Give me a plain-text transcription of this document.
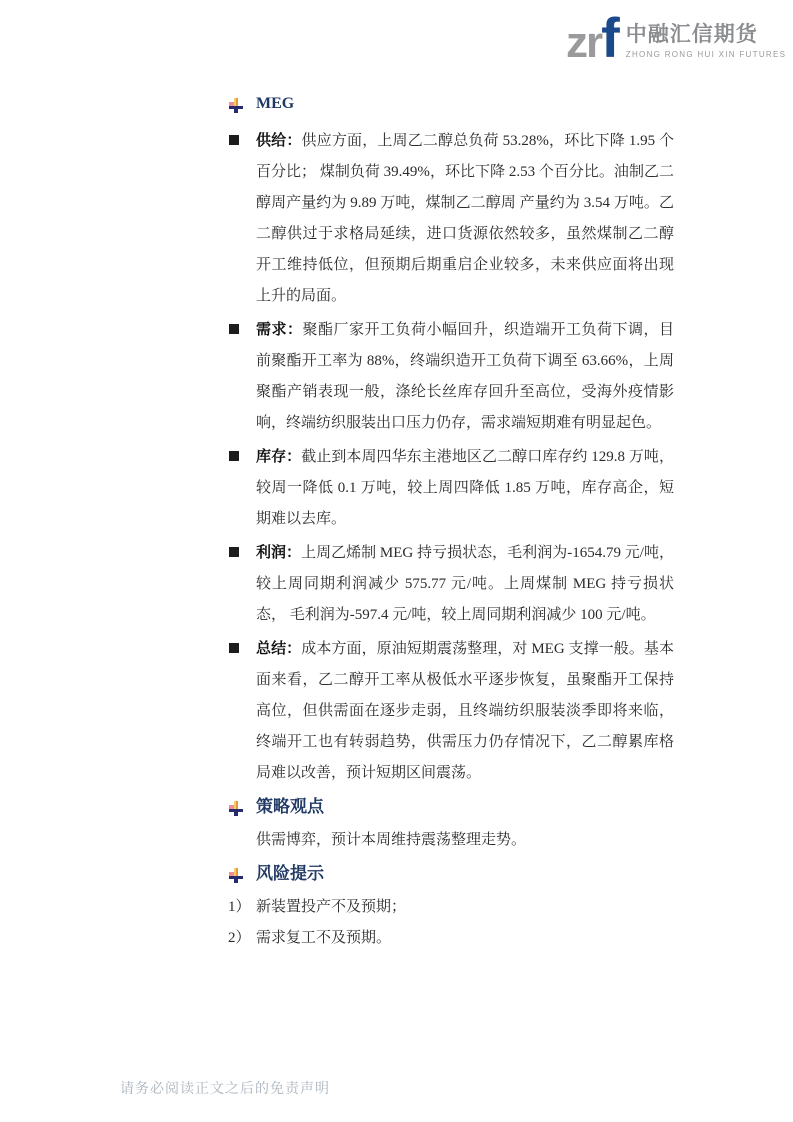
zrf 中融汇信期货
ZHONG RONG HUI XIN FUTURES
MEG

供给：供应方面，上周乙二醇总负荷 53.28%，环比下降 1.95 个百分比； 煤制负荷 39.49%，环比下降 2.53 个百分比。油制乙二醇周产量约为 9.89 万吨，煤制乙二醇周 产量约为 3.54 万吨。乙二醇供过于求格局延续，进口货源依然较多，虽然煤制乙二醇开工维持低位，但预期后期重启企业较多，未来供应面将出现上升的局面。

需求：聚酯厂家开工负荷小幅回升，织造端开工负荷下调，目前聚酯开工率为 88%，终端织造开工负荷下调至 63.66%，上周聚酯产销表现一般，涤纶长丝库存回升至高位，受海外疫情影响，终端纺织服装出口压力仍存，需求端短期难有明显起色。

库存：截止到本周四华东主港地区乙二醇口库存约 129.8 万吨，较周一降低 0.1 万吨，较上周四降低 1.85 万吨，库存高企，短期难以去库。

利润：上周乙烯制 MEG 持亏损状态，毛利润为-1654.79 元/吨，较上周同期利润减少 575.77 元/吨。上周煤制 MEG 持亏损状态， 毛利润为-597.4 元/吨，较上周同期利润减少 100 元/吨。

总结：成本方面，原油短期震荡整理，对 MEG 支撑一般。基本面来看，乙二醇开工率从极低水平逐步恢复，虽聚酯开工保持高位，但供需面在逐步走弱，且终端纺织服装淡季即将来临，终端开工也有转弱趋势，供需压力仍存情况下，乙二醇累库格局难以改善，预计短期区间震荡。

策略观点

供需博弈，预计本周维持震荡整理走势。

风险提示

1） 新装置投产不及预期；

2） 需求复工不及预期。

请务必阅读正文之后的免责声明
